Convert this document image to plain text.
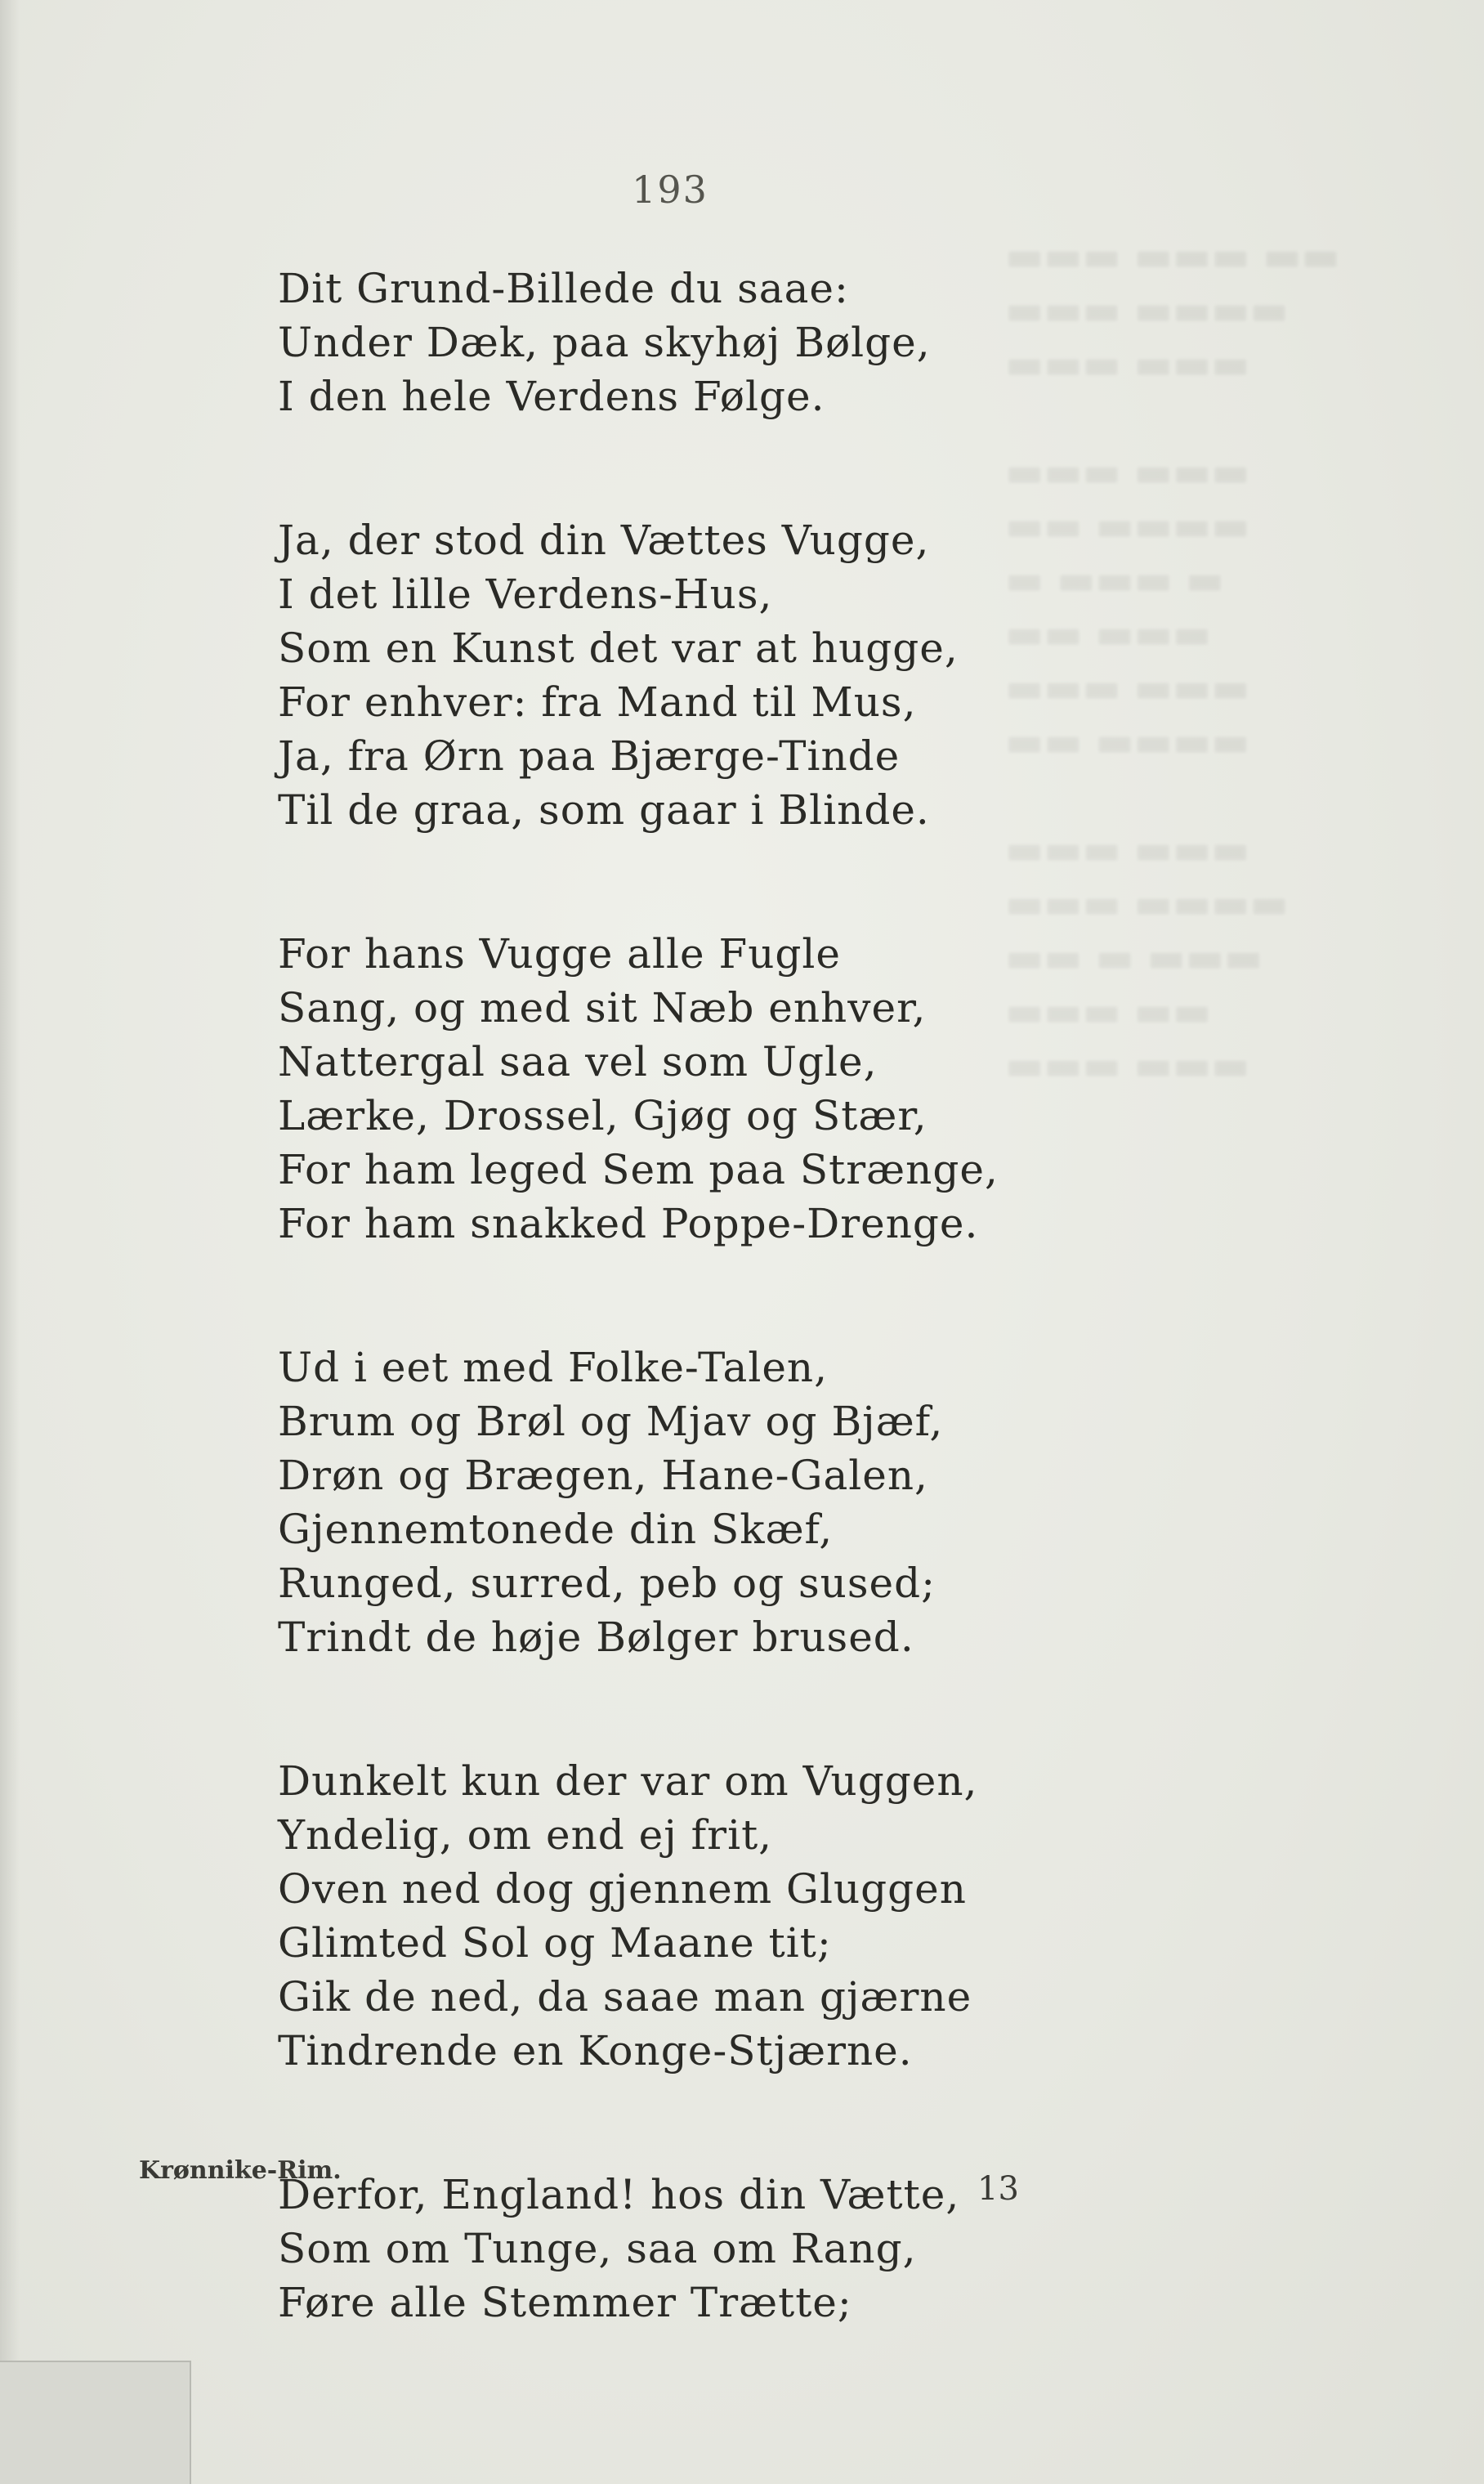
▬▬▬ ▬▬▬ ▬▬
▬▬▬ ▬▬▬▬
▬▬▬ ▬▬▬

▬▬▬ ▬▬▬
▬▬ ▬▬▬▬
▬ ▬▬▬ ▬
▬▬ ▬▬▬
▬▬▬ ▬▬▬
▬▬ ▬▬▬▬

▬▬▬ ▬▬▬
▬▬▬ ▬▬▬▬
▬▬ ▬ ▬▬▬
▬▬▬ ▬▬
▬▬▬ ▬▬▬
193
Dit Grund-Billede du saae:
Under Dæk, paa skyhøj Bølge,
I den hele Verdens Følge.
Ja, der stod din Vættes Vugge,
I det lille Verdens-Hus,
Som en Kunst det var at hugge,
For enhver: fra Mand til Mus,
Ja, fra Ørn paa Bjærge-Tinde
Til de graa, som gaar i Blinde.
For hans Vugge alle Fugle
Sang, og med sit Næb enhver,
Nattergal saa vel som Ugle,
Lærke, Drossel, Gjøg og Stær,
For ham leged Sem paa Strænge,
For ham snakked Poppe-Drenge.
Ud i eet med Folke-Talen,
Brum og Brøl og Mjav og Bjæf,
Drøn og Brægen, Hane-Galen,
Gjennemtonede din Skæf,
Runged, surred, peb og sused;
Trindt de høje Bølger brused.
Dunkelt kun der var om Vuggen,
Yndelig, om end ej frit,
Oven ned dog gjennem Gluggen
Glimted Sol og Maane tit;
Gik de ned, da saae man gjærne
Tindrende en Konge-Stjærne.
Derfor, England! hos din Vætte,
Som om Tunge, saa om Rang,
Føre alle Stemmer Trætte;
Krønnike-Rim.	13
